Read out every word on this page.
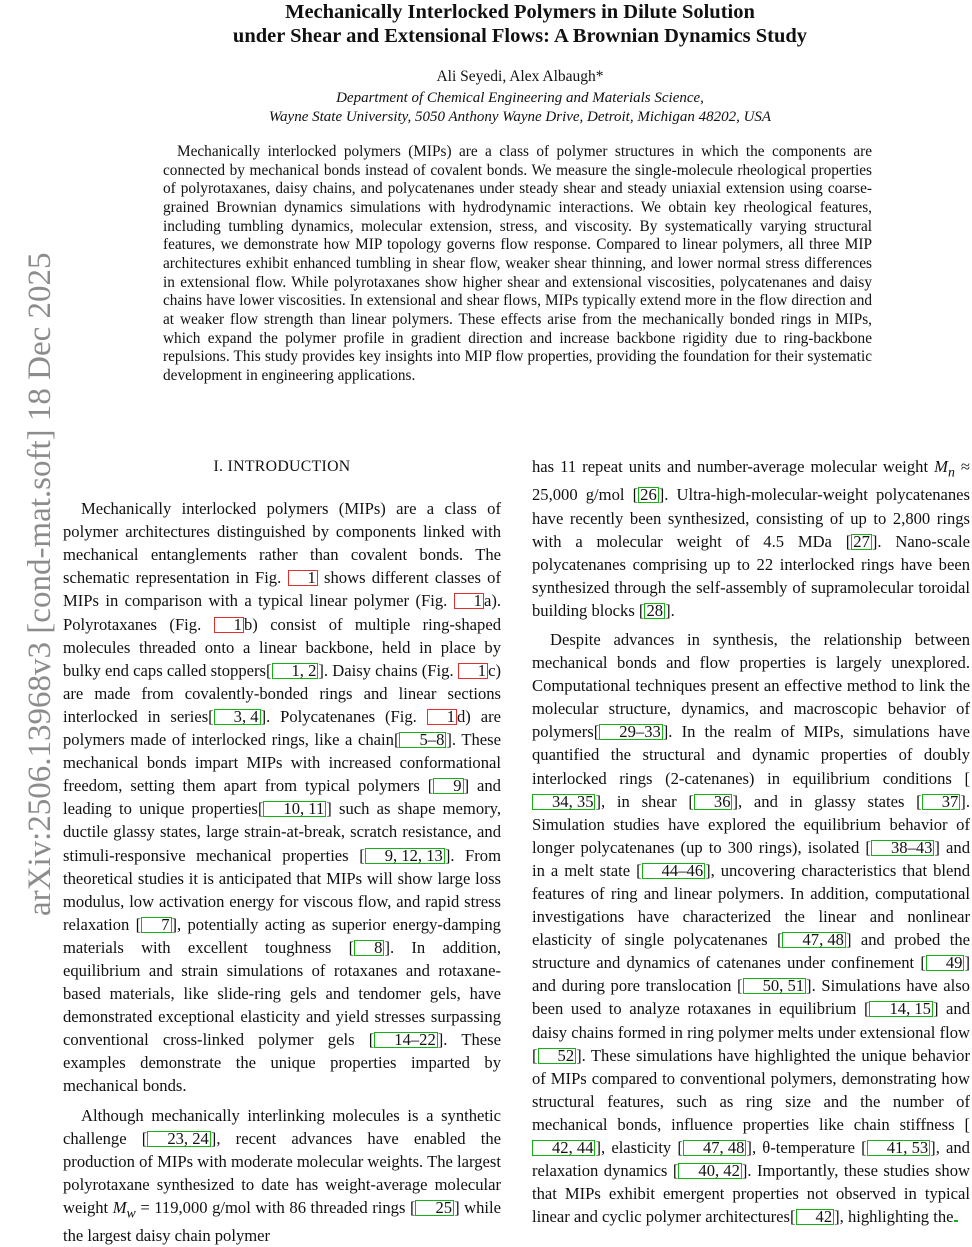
arXiv:2506.13968v3 [cond-mat.soft] 18 Dec 2025
Mechanically Interlocked Polymers in Dilute Solution
under Shear and Extensional Flows: A Brownian Dynamics Study
Ali Seyedi, Alex Albaugh*
Department of Chemical Engineering and Materials Science,
Wayne State University, 5050 Anthony Wayne Drive, Detroit, Michigan 48202, USA
Mechanically interlocked polymers (MIPs) are a class of polymer structures in which the components are connected by mechanical bonds instead of covalent bonds. We measure the single-molecule rheological properties of polyrotaxanes, daisy chains, and polycatenanes under steady shear and steady uniaxial extension using coarse-grained Brownian dynamics simulations with hydrodynamic interactions. We obtain key rheological features, including tumbling dynamics, molecular extension, stress, and viscosity. By systematically varying structural features, we demonstrate how MIP topology governs flow response. Compared to linear polymers, all three MIP architectures exhibit enhanced tumbling in shear flow, weaker shear thinning, and lower normal stress differences in extensional flow. While polyrotaxanes show higher shear and extensional viscosities, polycatenanes and daisy chains have lower viscosities. In extensional and shear flows, MIPs typically extend more in the flow direction and at weaker flow strength than linear polymers. These effects arise from the mechanically bonded rings in MIPs, which expand the polymer profile in gradient direction and increase backbone rigidity due to ring-backbone repulsions. This study provides key insights into MIP flow properties, providing the foundation for their systematic development in engineering applications.
I. INTRODUCTION

Mechanically interlocked polymers (MIPs) are a class of polymer architectures distinguished by components linked with mechanical entanglements rather than covalent bonds. The schematic representation in Fig. 1 shows different classes of MIPs in comparison with a typical linear polymer (Fig. 1 a). Polyrotaxanes (Fig. 1 b) consist of multiple ring-shaped molecules threaded onto a linear backbone, held in place by bulky end caps called stoppers[ 1, 2 ]. Daisy chains (Fig. 1 c) are made from covalently-bonded rings and linear sections interlocked in series[ 3, 4 ]. Polycatenanes (Fig. 1 d) are polymers made of interlocked rings, like a chain[ 5–8 ]. These mechanical bonds impart MIPs with increased conformational freedom, setting them apart from typical polymers [ 9 ] and leading to unique properties[ 10, 11 ] such as shape memory, ductile glassy states, large strain-at-break, scratch resistance, and stimuli-responsive mechanical properties [ 9, 12, 13 ]. From theoretical studies it is anticipated that MIPs will show large loss modulus, low activation energy for viscous flow, and rapid stress relaxation [ 7 ], potentially acting as superior energy-damping materials with excellent toughness [ 8 ]. In addition, equilibrium and strain simulations of rotaxanes and rotaxane-based materials, like slide-ring gels and tendomer gels, have demonstrated exceptional elasticity and yield stresses surpassing conventional cross-linked polymer gels [ 14–22 ]. These examples demonstrate the unique properties imparted by mechanical bonds.

Although mechanically interlinking molecules is a synthetic challenge [ 23, 24 ], recent advances have enabled the production of MIPs with moderate molecular weights. The largest polyrotaxane synthesized to date has weight-average molecular weight $M_w = 119,000$ g/mol with 86 threaded rings [ 25 ] while the largest daisy chain polymer

has 11 repeat units and number-average molecular weight $M_n \approx 25,000$ g/mol [ 26 ]. Ultra-high-molecular-weight polycatenanes have recently been synthesized, consisting of up to 2,800 rings with a molecular weight of 4.5 MDa [ 27 ]. Nano-scale polycatenanes comprising up to 22 interlocked rings have been synthesized through the self-assembly of supramolecular toroidal building blocks [ 28 ].

Despite advances in synthesis, the relationship between mechanical bonds and flow properties is largely unexplored. Computational techniques present an effective method to link the molecular structure, dynamics, and macroscopic behavior of polymers[ 29–33 ]. In the realm of MIPs, simulations have quantified the structural and dynamic properties of doubly interlocked rings (2-catenanes) in equilibrium conditions [34, 35 ], in shear [ 36 ], and in glassy states [ 37 ]. Simulation studies have explored the equilibrium behavior of longer polycatenanes (up to 300 rings), isolated [ 38–43 ] and in a melt state [ 44–46 ], uncovering characteristics that blend features of ring and linear polymers. In addition, computational investigations have characterized the linear and nonlinear elasticity of single polycatenanes [ 47, 48 ] and probed the structure and dynamics of catenanes under confinement [ 49 ] and during pore translocation [ 50, 51 ]. Simulations have also been used to analyze rotaxanes in equilibrium [ 14, 15 ] and daisy chains formed in ring polymer melts under extensional flow [ 52 ]. These simulations have highlighted the unique behavior of MIPs compared to conventional polymers, demonstrating how structural features, such as ring size and the number of mechanical bonds, influence properties like chain stiffness [42, 44 ], elasticity [ 47, 48 ], θ-temperature [ 41, 53 ], and relaxation dynamics [ 40, 42 ]. Importantly, these studies show that MIPs exhibit emergent properties not observed in typical linear and cyclic polymer architectures[ 42 ], highlighting the
